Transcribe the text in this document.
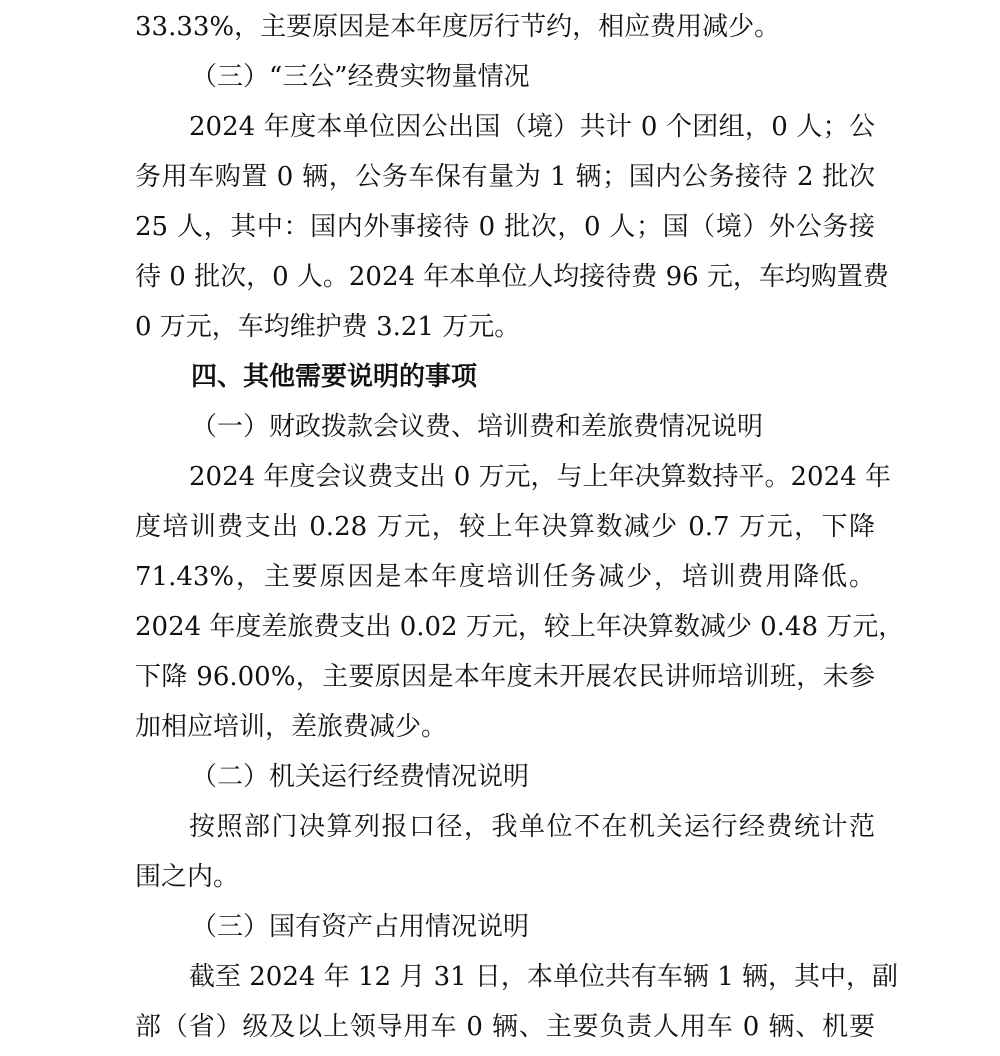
33.33%，主要原因是本年度厉行节约，相应费用减少。
（三）“三公”经费实物量情况
2024 年度本单位因公出国（境）共计 0 个团组，0 人；公
务用车购置 0 辆，公务车保有量为 1 辆；国内公务接待 2 批次
25 人，其中：国内外事接待 0 批次，0 人；国（境）外公务接
待 0 批次，0 人。2024 年本单位人均接待费 96 元，车均购置费
0 万元，车均维护费 3.21 万元。
四、其他需要说明的事项
（一）财政拨款会议费、培训费和差旅费情况说明
2024 年度会议费支出 0 万元，与上年决算数持平。2024 年
度培训费支出 0.28 万元，较上年决算数减少 0.7 万元，下降
71.43%，主要原因是本年度培训任务减少，培训费用降低。
2024 年度差旅费支出 0.02 万元，较上年决算数减少 0.48 万元，
下降 96.00%，主要原因是本年度未开展农民讲师培训班，未参
加相应培训，差旅费减少。
（二）机关运行经费情况说明
按照部门决算列报口径，我单位不在机关运行经费统计范
围之内。
（三）国有资产占用情况说明
截至 2024 年 12 月 31 日，本单位共有车辆 1 辆，其中，副
部（省）级及以上领导用车 0 辆、主要负责人用车 0 辆、机要
